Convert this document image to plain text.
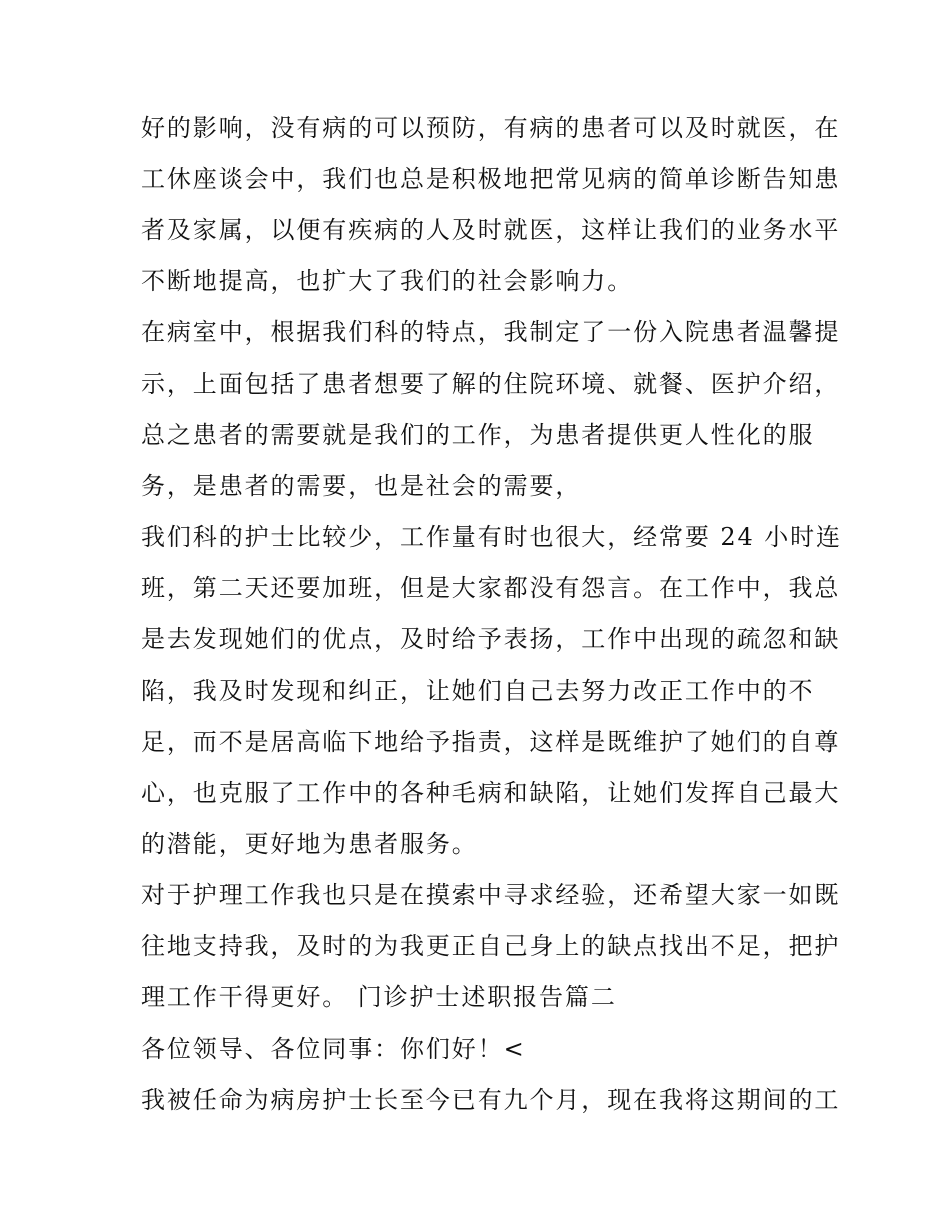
好的影响，没有病的可以预防，有病的患者可以及时就医，在
工休座谈会中，我们也总是积极地把常见病的简单诊断告知患
者及家属，以便有疾病的人及时就医，这样让我们的业务水平
不断地提高，也扩大了我们的社会影响力。
在病室中，根据我们科的特点，我制定了一份入院患者温馨提
示，上面包括了患者想要了解的住院环境、就餐、医护介绍，
总之患者的需要就是我们的工作，为患者提供更人性化的服
务，是患者的需要，也是社会的需要，
我们科的护士比较少，工作量有时也很大，经常要 24 小时连
班，第二天还要加班，但是大家都没有怨言。在工作中，我总
是去发现她们的优点，及时给予表扬，工作中出现的疏忽和缺
陷，我及时发现和纠正，让她们自己去努力改正工作中的不
足，而不是居高临下地给予指责，这样是既维护了她们的自尊
心，也克服了工作中的各种毛病和缺陷，让她们发挥自己最大
的潜能，更好地为患者服务。
对于护理工作我也只是在摸索中寻求经验，还希望大家一如既
往地支持我，及时的为我更正自己身上的缺点找出不足，把护
理工作干得更好。 门诊护士述职报告篇二
各位领导、各位同事：你们好！<
我被任命为病房护士长至今已有九个月，现在我将这期间的工
